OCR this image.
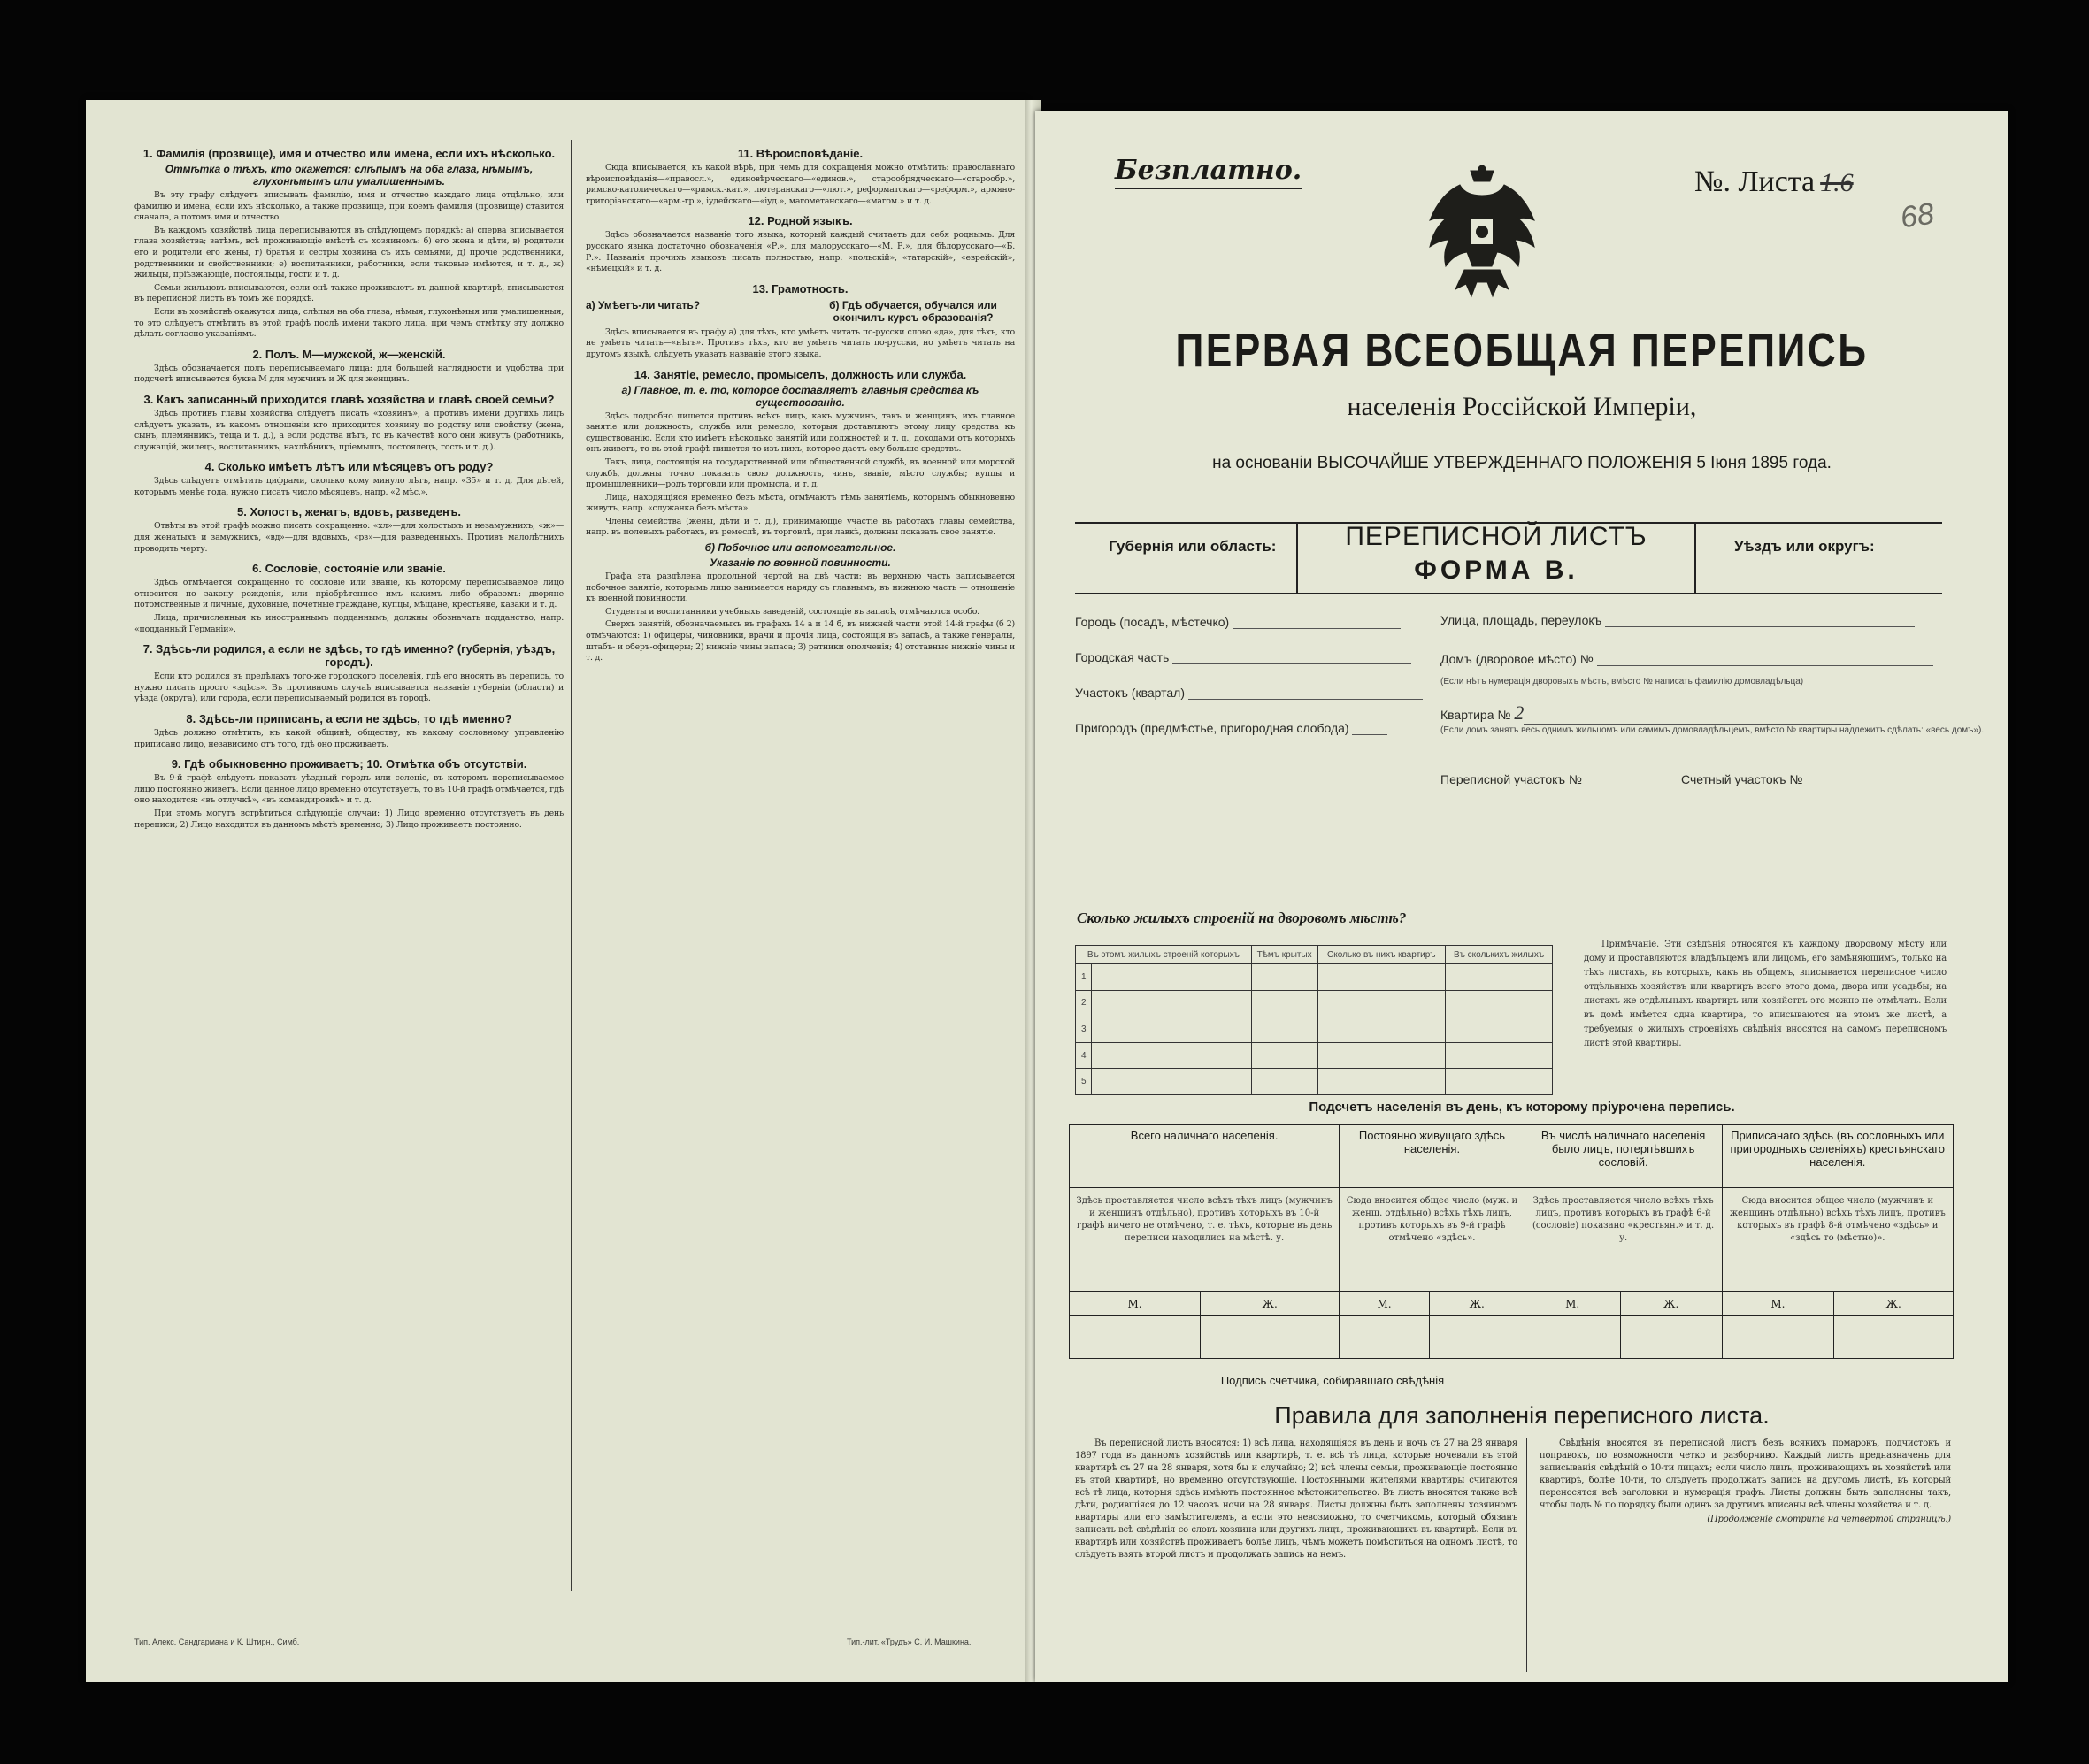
1. Фамилія (прозвище), имя и отчество или имена, если ихъ нѣсколько.
Отмѣтка о тѣхъ, кто окажется: слѣпымъ на оба глаза, нѣмымъ, глухонѣмымъ или умалишеннымъ.

Въ эту графу слѣдуетъ вписывать фамилію, имя и отчество каждаго лица отдѣльно, или фамилію и имена, если ихъ нѣсколько, а также прозвище, при коемъ фамилія (прозвище) ставится сначала, а потомъ имя и отчество.

Въ каждомъ хозяйствѣ лица переписываются въ слѣдующемъ порядкѣ: а) сперва вписывается глава хозяйства; затѣмъ, всѣ проживающіе вмѣстѣ съ хозяиномъ: б) его жена и дѣти, в) родители его и родители его жены, г) братья и сестры хозяина съ ихъ семьями, д) прочіе родственники, родственники и свойственники; е) воспитанники, работники, если таковые имѣются, и т. д., ж) жильцы, пріѣзжающіе, постояльцы, гости и т. д.

Семьи жильцовъ вписываются, если онѣ также проживаютъ въ данной квартирѣ, вписываются въ переписной листъ въ томъ же порядкѣ.

Если въ хозяйствѣ окажутся лица, слѣпыя на оба глаза, нѣмыя, глухонѣмыя или умалишенныя, то это слѣдуетъ отмѣтить въ этой графѣ послѣ имени такого лица, при чемъ отмѣтку эту должно дѣлать согласно указаніямъ.

2. Полъ. М—мужской, ж—женскій.

Здѣсь обозначается полъ переписываемаго лица: для большей наглядности и удобства при подсчетѣ вписывается буква М для мужчинъ и Ж для женщинъ.

3. Какъ записанный приходится главѣ хозяйства и главѣ своей семьи?

Здѣсь противъ главы хозяйства слѣдуетъ писать «хозяинъ», а противъ имени другихъ лицъ слѣдуетъ указать, въ какомъ отношеніи кто приходится хозяину по родству или свойству (жена, сынъ, племянникъ, теща и т. д.), а если родства нѣтъ, то въ качествѣ кого они живутъ (работникъ, служащій, жилецъ, воспитанникъ, нахлѣбникъ, пріемышъ, постоялецъ, гость и т. д.).

4. Сколько имѣетъ лѣтъ или мѣсяцевъ отъ роду?

Здѣсь слѣдуетъ отмѣтить цифрами, сколько кому минуло лѣтъ, напр. «35» и т. д. Для дѣтей, которымъ менѣе года, нужно писать число мѣсяцевъ, напр. «2 мѣс.».

5. Холостъ, женатъ, вдовъ, разведенъ.

Отвѣты въ этой графѣ можно писать сокращенно: «хл»—для холостыхъ и незамужнихъ, «ж»—для женатыхъ и замужнихъ, «вд»—для вдовыхъ, «рз»—для разведенныхъ. Противъ малолѣтнихъ проводить черту.

6. Сословіе, состояніе или званіе.

Здѣсь отмѣчается сокращенно то сословіе или званіе, къ которому переписываемое лицо относится по закону рожденія, или пріобрѣтенное имъ какимъ либо образомъ: дворяне потомственные и личные, духовные, почетные граждане, купцы, мѣщане, крестьяне, казаки и т. д.

Лица, причисленныя къ иностраннымъ подданнымъ, должны обозначать подданство, напр. «подданный Германіи».

7. Здѣсь-ли родился, а если не здѣсь, то гдѣ именно? (губернія, уѣздъ, городъ).

Если кто родился въ предѣлахъ того-же городского поселенія, гдѣ его вносятъ въ перепись, то нужно писать просто «здѣсь». Въ противномъ случаѣ вписывается названіе губерніи (области) и уѣзда (округа), или города, если переписываемый родился въ городѣ.

8. Здѣсь-ли приписанъ, а если не здѣсь, то гдѣ именно?

Здѣсь должно отмѣтить, къ какой общинѣ, обществу, къ какому сословному управленію приписано лицо, независимо отъ того, гдѣ оно проживаетъ.

9. Гдѣ обыкновенно проживаетъ; 10. Отмѣтка объ отсутствіи.

Въ 9-й графѣ слѣдуетъ показать уѣздный городъ или селеніе, въ которомъ переписываемое лицо постоянно живетъ. Если данное лицо временно отсутствуетъ, то въ 10-й графѣ отмѣчается, гдѣ оно находится: «въ отлучкѣ», «въ командировкѣ» и т. д.

При этомъ могутъ встрѣтиться слѣдующіе случаи: 1) Лицо временно отсутствуетъ въ день переписи; 2) Лицо находится въ данномъ мѣстѣ временно; 3) Лицо проживаетъ постоянно.

11. Вѣроисповѣданіе.

Сюда вписывается, къ какой вѣрѣ, при чемъ для сокращенія можно отмѣтить: православнаго вѣроисповѣданія—«правосл.», единовѣрческаго—«единов.», старообрядческаго—«старообр.», римско-католическаго—«римск.-кат.», лютеранскаго—«лют.», реформатскаго—«реформ.», армяно-григоріанскаго—«арм.-гр.», іудейскаго—«іуд.», магометанскаго—«магом.» и т. д.

12. Родной языкъ.

Здѣсь обозначается названіе того языка, который каждый считаетъ для себя роднымъ. Для русскаго языка достаточно обозначенія «Р.», для малорусскаго—«М. Р.», для бѣлорусскаго—«Б. Р.». Названія прочихъ языковъ писать полностью, напр. «польскій», «татарскій», «еврейскій», «нѣмецкій» и т. д.

13. Грамотность.
а) Умѣетъ-ли читать?	б) Гдѣ обучается, обучался или окончилъ курсъ образованія?

Здѣсь вписывается въ графу а) для тѣхъ, кто умѣетъ читать по-русски слово «да», для тѣхъ, кто не умѣетъ читать—«нѣтъ». Противъ тѣхъ, кто не умѣетъ читать по-русски, но умѣетъ читать на другомъ языкѣ, слѣдуетъ указать названіе этого языка.

14. Занятіе, ремесло, промыселъ, должность или служба.
а) Главное, т. е. то, которое доставляетъ главныя средства къ существованію.

Здѣсь подробно пишется противъ всѣхъ лицъ, какъ мужчинъ, такъ и женщинъ, ихъ главное занятіе или должность, служба или ремесло, которыя доставляютъ этому лицу средства къ существованію. Если кто имѣетъ нѣсколько занятій или должностей и т. д., доходами отъ которыхъ онъ живетъ, то въ этой графѣ пишется то изъ нихъ, которое даетъ ему больше средствъ.

Такъ, лица, состоящія на государственной или общественной службѣ, въ военной или морской службѣ, должны точно показать свою должность, чинъ, званіе, мѣсто службы; купцы и промышленники—родъ торговли или промысла, и т. д.

Лица, находящіяся временно безъ мѣста, отмѣчаютъ тѣмъ занятіемъ, которымъ обыкновенно живутъ, напр. «служанка безъ мѣста».

Члены семейства (жены, дѣти и т. д.), принимающіе участіе въ работахъ главы семейства, напр. въ полевыхъ работахъ, въ ремеслѣ, въ торговлѣ, при лавкѣ, должны показать свое занятіе.

б) Побочное или вспомогательное.
Указаніе по военной повинности.

Графа эта раздѣлена продольной чертой на двѣ части: въ верхнюю часть записывается побочное занятіе, которымъ лицо занимается наряду съ главнымъ, въ нижнюю часть — отношеніе къ военной повинности.

Студенты и воспитанники учебныхъ заведеній, состоящіе въ запасѣ, отмѣчаются особо.

Сверхъ занятій, обозначаемыхъ въ графахъ 14 а и 14 б, въ нижней части этой 14-й графы (б 2) отмѣчаются: 1) офицеры, чиновники, врачи и прочія лица, состоящія въ запасѣ, а также генералы, штабъ- и оберъ-офицеры; 2) нижніе чины запаса; 3) ратники ополченія; 4) отставные нижніе чины и т. д.

Тип. Алекс. Сандгармана и К. Штирн., Симб.	Тип.-лит. «Трудъ» С. И. Машкина.
Безплатно.	№. Листа 1.6
68
ПЕРВАЯ ВСЕОБЩАЯ ПЕРЕПИСЬ
населенія Россійской Имперіи,
на основаніи ВЫСОЧАЙШЕ УТВЕРЖДЕННАГО ПОЛОЖЕНІЯ 5 Іюня 1895 года.
Губернія или область:	ПЕРЕПИСНОЙ ЛИСТЪ
ФОРМА В.
Уѣздъ или округъ:
Городъ (посадъ, мѣстечко)
Городская часть
Участокъ (квартал)
Пригородъ (предмѣстье, пригородная слобода)
Улица, площадь, переулокъ
Домъ (дворовое мѣсто) №
(Если нѣтъ нумерація дворовыхъ мѣстъ, вмѣсто № написать фамилію домовладѣльца)
Квартира № 2
(Если домъ занятъ весь однимъ жильцомъ или самимъ домовладѣльцемъ, вмѣсто № квартиры надлежитъ сдѣлать: «весь домъ»).
Переписной участокъ №	Счетный участокъ №
Сколько жилыхъ строеній на дворовомъ мѣстѣ?
Въ этомъ жилыхъ строеній которыхъ		Тѣмъ крытых	Сколько въ нихъ квартиръ	Въ сколькихъ жилыхъ
1				
2				
3				
4				
5				
Примѣчаніе. Эти свѣдѣнія относятся къ каждому дворовому мѣсту или дому и проставляются владѣльцемъ или лицомъ, его замѣняющимъ, только на тѣхъ листахъ, въ которыхъ, какъ въ общемъ, вписывается переписное число отдѣльныхъ хозяйствъ или квартиръ всего этого дома, двора или усадьбы; на листахъ же отдѣльныхъ квартиръ или хозяйствъ это можно не отмѣчать. Если въ домѣ имѣется одна квартира, то вписываются на этомъ же листѣ, а требуемыя о жилыхъ строеніяхъ свѣдѣнія вносятся на самомъ переписномъ листѣ этой квартиры.
Подсчетъ населенія въ день, къ которому пріурочена перепись.
Всего наличнаго населенія.		Постоянно живущаго здѣсь населенія.		Въ числѣ наличнаго населенія было лицъ, потерпѣвшихъ сословій.		Приписанаго здѣсь (въ сословныхъ или пригородныхъ селеніяхъ) крестьянскаго населенія.	
Здѣсь проставляется число всѣхъ тѣхъ лицъ (мужчинъ и женщинъ отдѣльно), противъ которыхъ въ 10-й графѣ ничего не отмѣчено, т. е. тѣхъ, которые въ день переписи находились на мѣстѣ. у.		Сюда вносится общее число (муж. и женщ. отдѣльно) всѣхъ тѣхъ лицъ, противъ которыхъ въ 9-й графѣ отмѣчено «здѣсь».		Здѣсь проставляется число всѣхъ тѣхъ лицъ, противъ которыхъ въ графѣ 6-й (сословіе) показано «крестьян.» и т. д. у.		Сюда вносится общее число (мужчинъ и женщинъ отдѣльно) всѣхъ тѣхъ лицъ, противъ которыхъ въ графѣ 8-й отмѣчено «здѣсь» и «здѣсь то (мѣстно)».	
М.	Ж.	М.	Ж.	М.	Ж.	М.	Ж.

Подпись счетчика, собиравшаго свѣдѣнія
Правила для заполненія переписного листа.

Въ переписной листъ вносятся: 1) всѣ лица, находящіяся въ день и ночь съ 27 на 28 января 1897 года въ данномъ хозяйствѣ или квартирѣ, т. е. всѣ тѣ лица, которые ночевали въ этой квартирѣ съ 27 на 28 января, хотя бы и случайно; 2) всѣ члены семьи, проживающіе постоянно въ этой квартирѣ, но временно отсутствующіе. Постоянными жителями квартиры считаются всѣ тѣ лица, которыя здѣсь имѣютъ постоянное мѣстожительство. Въ листъ вносятся также всѣ дѣти, родившіяся до 12 часовъ ночи на 28 января. Листы должны быть заполнены хозяиномъ квартиры или его замѣстителемъ, а если это невозможно, то счетчикомъ, который обязанъ записать всѣ свѣдѣнія со словъ хозяина или другихъ лицъ, проживающихъ въ квартирѣ. Если въ квартирѣ или хозяйствѣ проживаетъ болѣе лицъ, чѣмъ можетъ помѣститься на одномъ листѣ, то слѣдуетъ взять второй листъ и продолжать запись на немъ.

Свѣдѣнія вносятся въ переписной листъ безъ всякихъ помарокъ, подчистокъ и поправокъ, по возможности четко и разборчиво. Каждый листъ предназначенъ для записыванія свѣдѣній о 10-ти лицахъ; если число лицъ, проживающихъ въ хозяйствѣ или квартирѣ, болѣе 10-ти, то слѣдуетъ продолжать запись на другомъ листѣ, въ который переносятся всѣ заголовки и нумерація графъ. Листы должны быть заполнены такъ, чтобы подъ № по порядку были одинъ за другимъ вписаны всѣ члены хозяйства и т. д.

(Продолженіе смотрите на четвертой страницѣ.)
